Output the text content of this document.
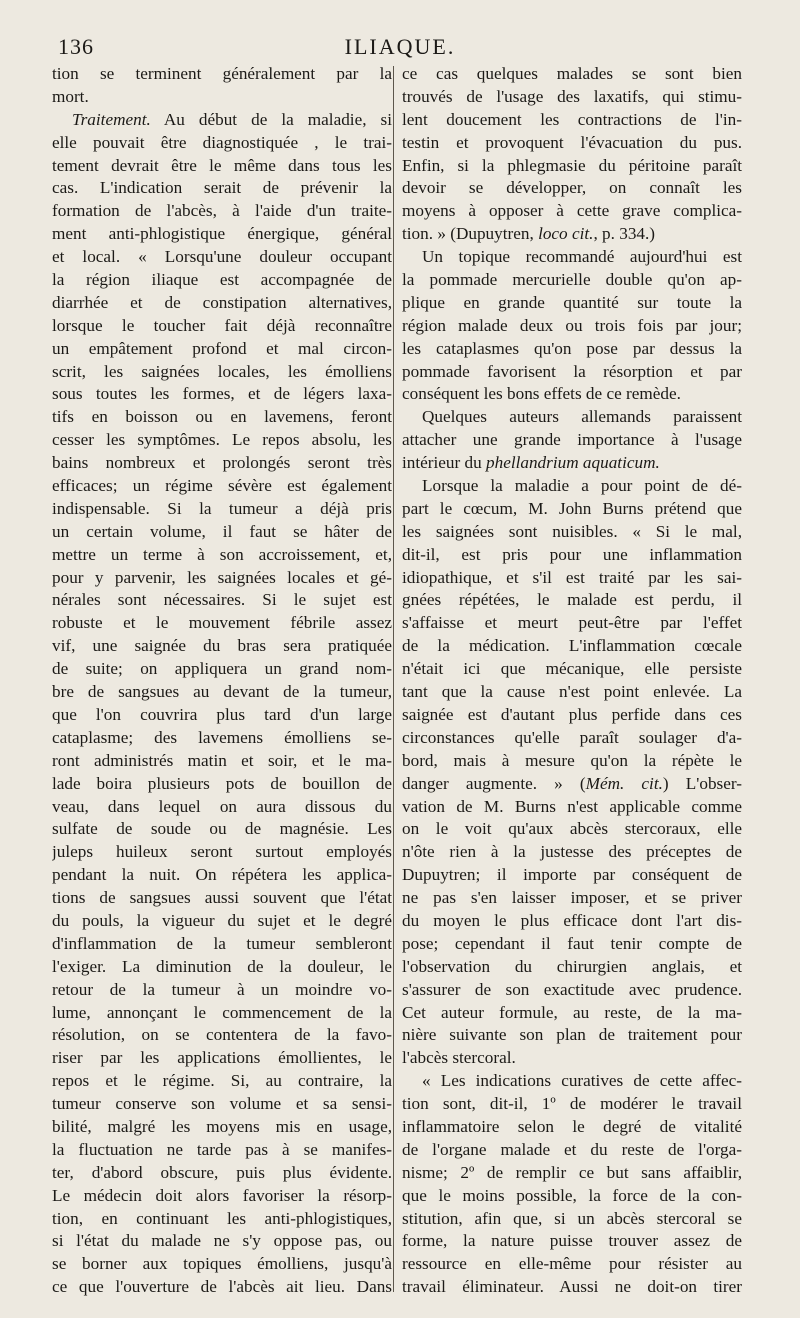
136	ILIAQUE.
tion se terminent généralement par la
mort.
Traitement. Au début de la maladie, si
elle pouvait être diagnostiquée , le trai-
tement devrait être le même dans tous les
cas. L'indication serait de prévenir la
formation de l'abcès, à l'aide d'un traite-
ment anti-phlogistique énergique, général
et local. « Lorsqu'une douleur occupant
la région iliaque est accompagnée de
diarrhée et de constipation alternatives,
lorsque le toucher fait déjà reconnaître
un empâtement profond et mal circon-
scrit, les saignées locales, les émolliens
sous toutes les formes, et de légers laxa-
tifs en boisson ou en lavemens, feront
cesser les symptômes. Le repos absolu, les
bains nombreux et prolongés seront très
efficaces; un régime sévère est également
indispensable. Si la tumeur a déjà pris
un certain volume, il faut se hâter de
mettre un terme à son accroissement, et,
pour y parvenir, les saignées locales et gé-
nérales sont nécessaires. Si le sujet est
robuste et le mouvement fébrile assez
vif, une saignée du bras sera pratiquée
de suite; on appliquera un grand nom-
bre de sangsues au devant de la tumeur,
que l'on couvrira plus tard d'un large
cataplasme; des lavemens émolliens se-
ront administrés matin et soir, et le ma-
lade boira plusieurs pots de bouillon de
veau, dans lequel on aura dissous du
sulfate de soude ou de magnésie. Les
juleps huileux seront surtout employés
pendant la nuit. On répétera les applica-
tions de sangsues aussi souvent que l'état
du pouls, la vigueur du sujet et le degré
d'inflammation de la tumeur sembleront
l'exiger. La diminution de la douleur, le
retour de la tumeur à un moindre vo-
lume, annonçant le commencement de la
résolution, on se contentera de la favo-
riser par les applications émollientes, le
repos et le régime. Si, au contraire, la
tumeur conserve son volume et sa sensi-
bilité, malgré les moyens mis en usage,
la fluctuation ne tarde pas à se manifes-
ter, d'abord obscure, puis plus évidente.
Le médecin doit alors favoriser la résorp-
tion, en continuant les anti-phlogistiques,
si l'état du malade ne s'y oppose pas, ou
se borner aux topiques émolliens, jusqu'à
ce que l'ouverture de l'abcès ait lieu. Dans
ce cas quelques malades se sont bien
trouvés de l'usage des laxatifs, qui stimu-
lent doucement les contractions de l'in-
testin et provoquent l'évacuation du pus.
Enfin, si la phlegmasie du péritoine paraît
devoir se développer, on connaît les
moyens à opposer à cette grave complica-
tion. » (Dupuytren, loco cit., p. 334.)
Un topique recommandé aujourd'hui est
la pommade mercurielle double qu'on ap-
plique en grande quantité sur toute la
région malade deux ou trois fois par jour;
les cataplasmes qu'on pose par dessus la
pommade favorisent la résorption et par
conséquent les bons effets de ce remède.
Quelques auteurs allemands paraissent
attacher une grande importance à l'usage
intérieur du phellandrium aquaticum.
Lorsque la maladie a pour point de dé-
part le cœcum, M. John Burns prétend que
les saignées sont nuisibles. « Si le mal,
dit-il, est pris pour une inflammation
idiopathique, et s'il est traité par les sai-
gnées répétées, le malade est perdu, il
s'affaisse et meurt peut-être par l'effet
de la médication. L'inflammation cœcale
n'était ici que mécanique, elle persiste
tant que la cause n'est point enlevée. La
saignée est d'autant plus perfide dans ces
circonstances qu'elle paraît soulager d'a-
bord, mais à mesure qu'on la répète le
danger augmente. » (Mém. cit.) L'obser-
vation de M. Burns n'est applicable comme
on le voit qu'aux abcès stercoraux, elle
n'ôte rien à la justesse des préceptes de
Dupuytren; il importe par conséquent de
ne pas s'en laisser imposer, et se priver
du moyen le plus efficace dont l'art dis-
pose; cependant il faut tenir compte de
l'observation du chirurgien anglais, et
s'assurer de son exactitude avec prudence.
Cet auteur formule, au reste, de la ma-
nière suivante son plan de traitement pour
l'abcès stercoral.
« Les indications curatives de cette affec-
tion sont, dit-il, 1º de modérer le travail
inflammatoire selon le degré de vitalité
de l'organe malade et du reste de l'orga-
nisme; 2º de remplir ce but sans affaiblir,
que le moins possible, la force de la con-
stitution, afin que, si un abcès stercoral se
forme, la nature puisse trouver assez de
ressource en elle-même pour résister au
travail éliminateur. Aussi ne doit-on tirer
